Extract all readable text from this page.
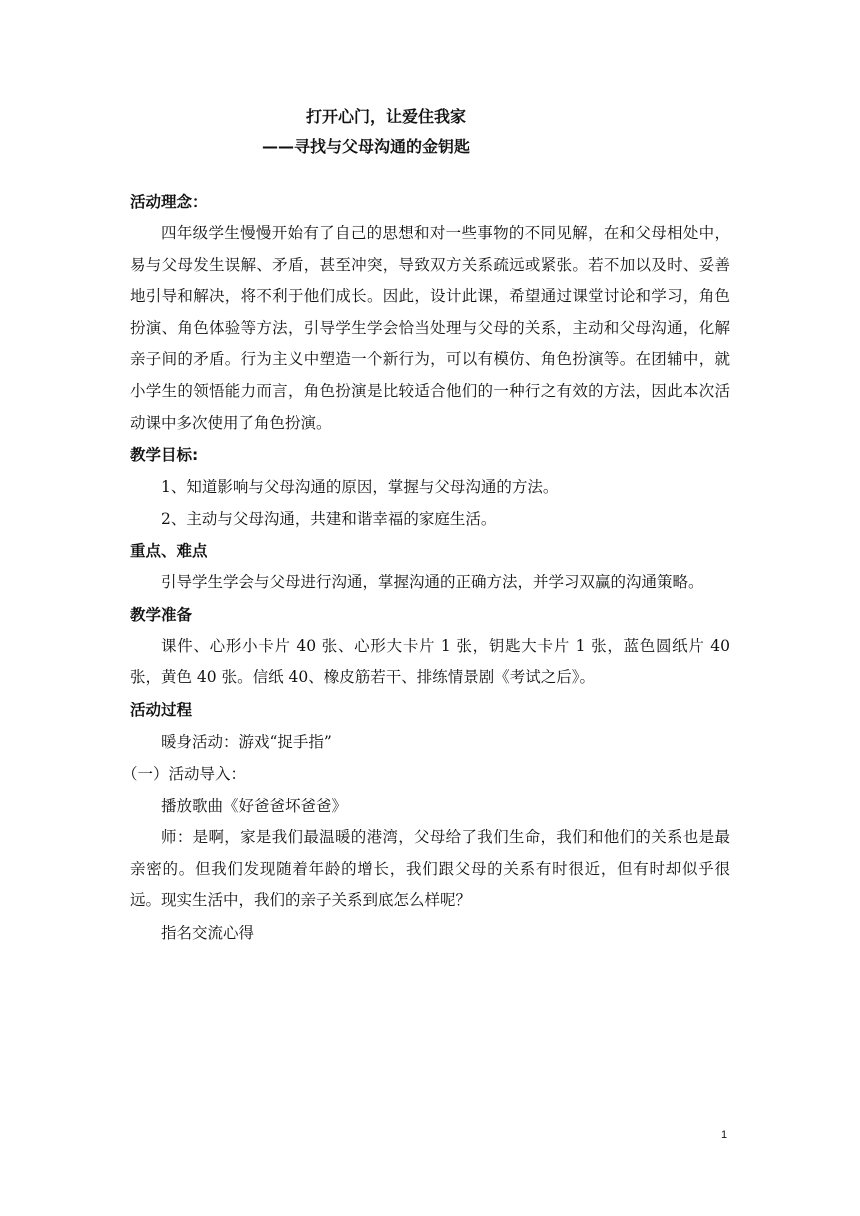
打开心门，让爱住我家
——寻找与父母沟通的金钥匙
活动理念：

四年级学生慢慢开始有了自己的思想和对一些事物的不同见解，在和父母相处中，易与父母发生误解、矛盾，甚至冲突，导致双方关系疏远或紧张。若不加以及时、妥善地引导和解决，将不利于他们成长。因此，设计此课，希望通过课堂讨论和学习，角色扮演、角色体验等方法，引导学生学会恰当处理与父母的关系，主动和父母沟通，化解亲子间的矛盾。行为主义中塑造一个新行为，可以有模仿、角色扮演等。在团辅中，就小学生的领悟能力而言，角色扮演是比较适合他们的一种行之有效的方法，因此本次活动课中多次使用了角色扮演。

教学目标:
1、知道影响与父母沟通的原因，掌握与父母沟通的方法。
2、主动与父母沟通，共建和谐幸福的家庭生活。
重点、难点

引导学生学会与父母进行沟通，掌握沟通的正确方法，并学习双赢的沟通策略。

教学准备

课件、心形小卡片 40 张、心形大卡片 1 张，钥匙大卡片 1 张，蓝色圆纸片 40 张，黄色 40 张。信纸 40、橡皮筋若干、排练情景剧《考试之后》。

活动过程
暖身活动：游戏“捉手指”
（一）活动导入：
播放歌曲《好爸爸坏爸爸》

师：是啊，家是我们最温暖的港湾，父母给了我们生命，我们和他们的关系也是最亲密的。但我们发现随着年龄的增长，我们跟父母的关系有时很近，但有时却似乎很远。现实生活中，我们的亲子关系到底怎么样呢？

指名交流心得
1
